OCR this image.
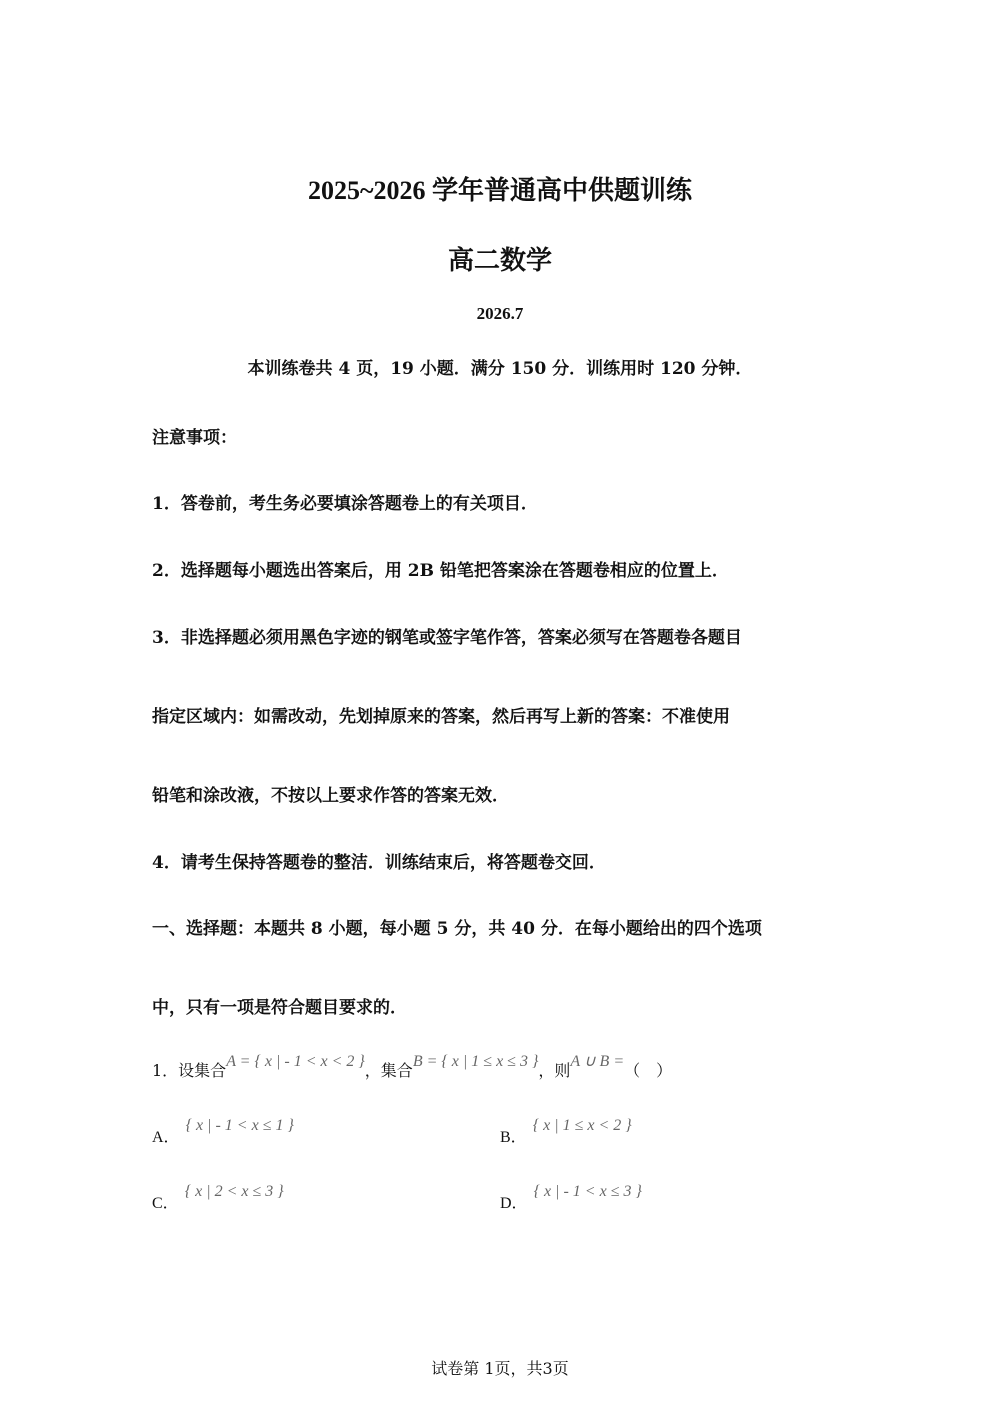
2025~2026 学年普通高中供题训练
高二数学
2026.7
本训练卷共 4 页，19 小题．满分 150 分．训练用时 120 分钟．
注意事项：
1．答卷前，考生务必要填涂答题卷上的有关项目．
2．选择题每小题选出答案后，用 2B 铅笔把答案涂在答题卷相应的位置上．
3．非选择题必须用黑色字迹的钢笔或签字笔作答，答案必须写在答题卷各题目
指定区域内：如需改动，先划掉原来的答案，然后再写上新的答案：不准使用
铅笔和涂改液，不按以上要求作答的答案无效．
4．请考生保持答题卷的整洁．训练结束后，将答题卷交回．
一、选择题：本题共 8 小题，每小题 5 分，共 40 分．在每小题给出的四个选项
中，只有一项是符合题目要求的．
1．设集合A = { x | - 1 < x < 2 }，集合B = { x | 1 ≤ x ≤ 3 }，则A ∪ B =（　）
A．{ x | - 1 < x ≤ 1 }
B．{ x | 1 ≤ x < 2 }
C．{ x | 2 < x ≤ 3 }
D．{ x | - 1 < x ≤ 3 }
试卷第 1页，共3页
